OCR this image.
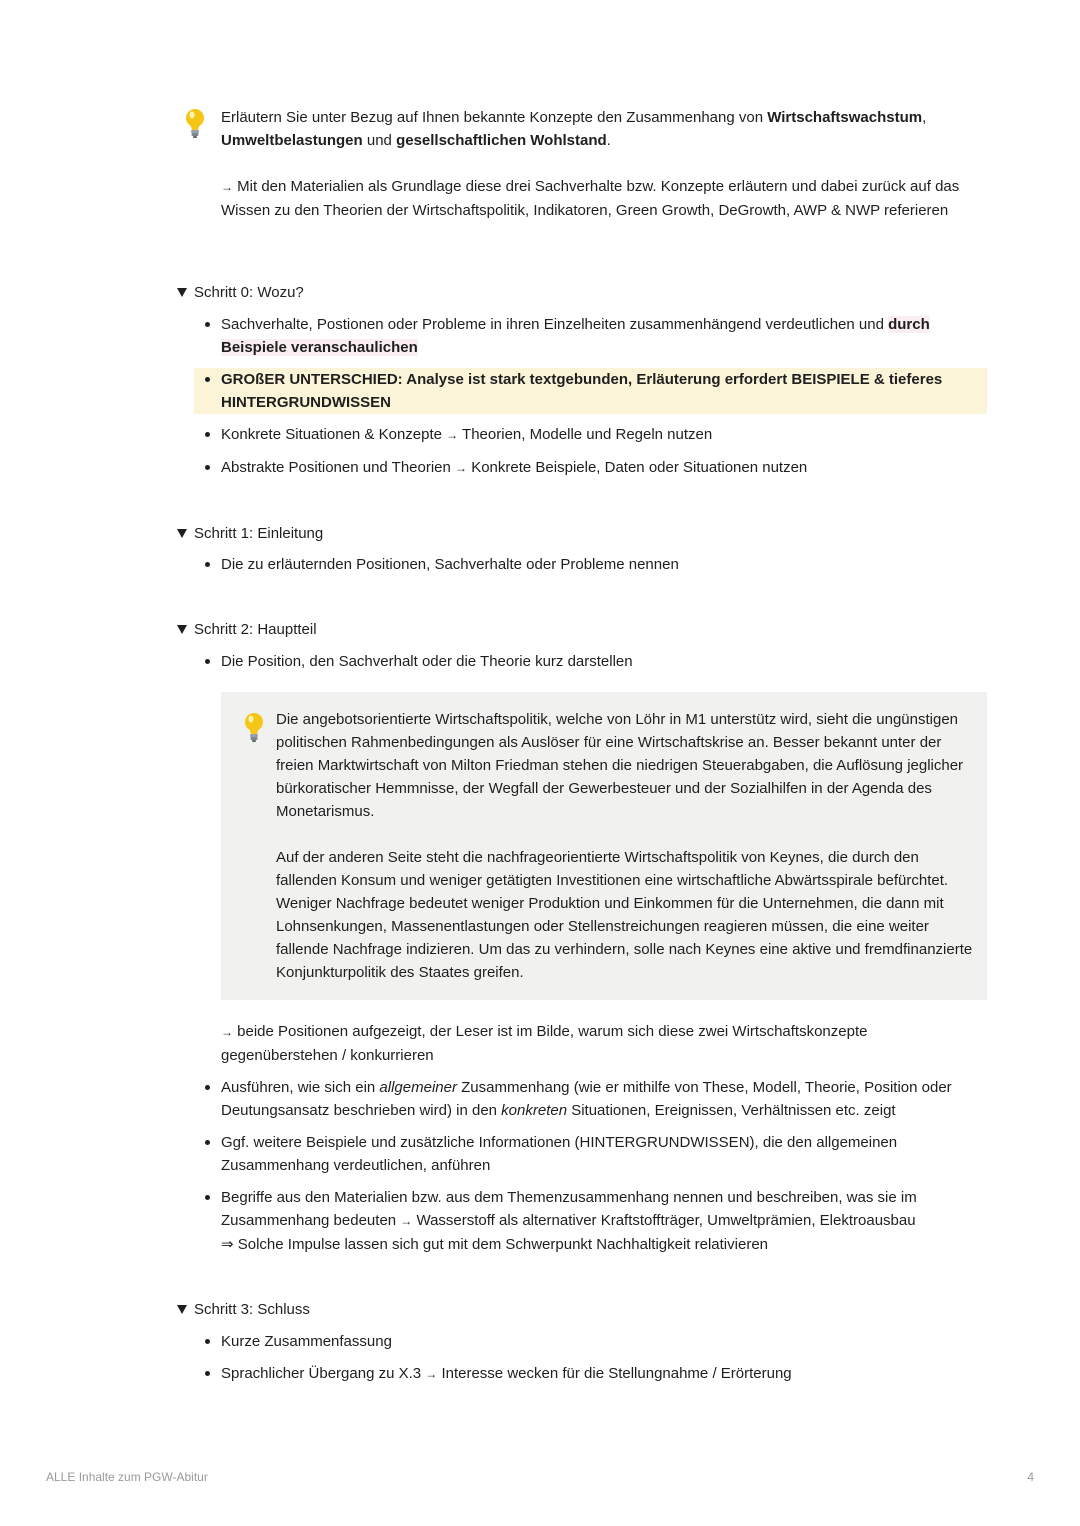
Erläutern Sie unter Bezug auf Ihnen bekannte Konzepte den Zusammenhang von Wirtschaftswachstum,
Umweltbelastungen und gesellschaftlichen Wohlstand.

→ Mit den Materialien als Grundlage diese drei Sachverhalte bzw. Konzepte erläutern und dabei zurück auf das Wissen zu den Theorien der Wirtschaftspolitik, Indikatoren, Green Growth, DeGrowth, AWP & NWP referieren

Schritt 0: Wozu?
Sachverhalte, Postionen oder Probleme in ihren Einzelheiten zusammenhängend verdeutlichen und durch Beispiele veranschaulichen
GROßER UNTERSCHIED: Analyse ist stark textgebunden, Erläuterung erfordert BEISPIELE & tieferes HINTERGRUNDWISSEN
Konkrete Situationen & Konzepte → Theorien, Modelle und Regeln nutzen
Abstrakte Positionen und Theorien → Konkrete Beispiele, Daten oder Situationen nutzen
Schritt 1: Einleitung
Die zu erläuternden Positionen, Sachverhalte oder Probleme nennen
Schritt 2: Hauptteil
Die Position, den Sachverhalt oder die Theorie kurz darstellen

Die angebotsorientierte Wirtschaftspolitik, welche von Löhr in M1 unterstütz wird, sieht die ungünstigen politischen Rahmenbedingungen als Auslöser für eine Wirtschaftskrise an. Besser bekannt unter der freien Marktwirtschaft von Milton Friedman stehen die niedrigen Steuerabgaben, die Auflösung jeglicher bürkoratischer Hemmnisse, der Wegfall der Gewerbesteuer und der Sozialhilfen in der Agenda des Monetarismus.

Auf der anderen Seite steht die nachfrageorientierte Wirtschaftspolitik von Keynes, die durch den fallenden Konsum und weniger getätigten Investitionen eine wirtschaftliche Abwärtsspirale befürchtet. Weniger Nachfrage bedeutet weniger Produktion und Einkommen für die Unternehmen, die dann mit Lohnsenkungen, Massenentlastungen oder Stellenstreichungen reagieren müssen, die eine weiter fallende Nachfrage indizieren. Um das zu verhindern, solle nach Keynes eine aktive und fremdfinanzierte Konjunkturpolitik des Staates greifen.

→ beide Positionen aufgezeigt, der Leser ist im Bilde, warum sich diese zwei Wirtschaftskonzepte gegenüberstehen / konkurrieren
Ausführen, wie sich ein allgemeiner Zusammenhang (wie er mithilfe von These, Modell, Theorie, Position oder Deutungsansatz beschrieben wird) in den konkreten Situationen, Ereignissen, Verhältnissen etc. zeigt
Ggf. weitere Beispiele und zusätzliche Informationen (HINTERGRUNDWISSEN), die den allgemeinen Zusammenhang verdeutlichen, anführen
Begriffe aus den Materialien bzw. aus dem Themenzusammenhang nennen und beschreiben, was sie im Zusammenhang bedeuten → Wasserstoff als alternativer Kraftstoffträger, Umweltprämien, Elektroausbau
⇒ Solche Impulse lassen sich gut mit dem Schwerpunkt Nachhaltigkeit relativieren
Schritt 3: Schluss
Kurze Zusammenfassung
Sprachlicher Übergang zu X.3 → Interesse wecken für die Stellungnahme / Erörterung
ALLE Inhalte zum PGW-Abitur	4
